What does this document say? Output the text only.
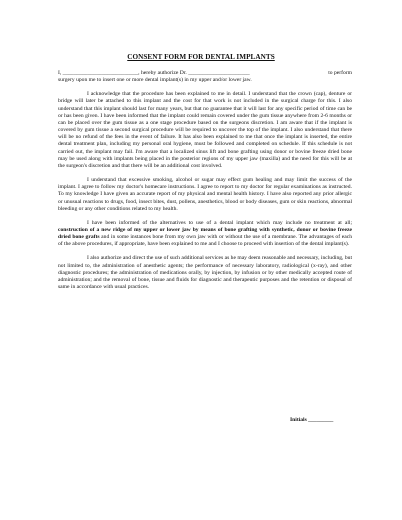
CONSENT FORM FOR DENTAL IMPLANTS
I, ___________________________, hereby authorize Dr. ______________________	to perform
surgery upon me to insert one or more dental implant(s) in my upper and/or lower jaw.

I acknowledge that the procedure has been explained to me in detail. I understand that the crown (cap), denture or bridge will later be attached to this implant and the cost for that work is not included in the surgical charge for this. I also understand that this implant should last for many years, but that no guarantee that it will last for any specific period of time can be or has been given. I have been informed that the implant could remain covered under the gum tissue anywhere from 2-6 months or can be placed over the gum tissue as a one stage procedure based on the surgeons discretion. I am aware that if the implant is covered by gum tissue a second surgical procedure will be required to uncover the top of the implant. I also understand that there will be no refund of the fees in the event of failure. It has also been explained to me that once the implant is inserted, the entire dental treatment plan, including my personal oral hygiene, must be followed and completed on schedule. If this schedule is not carried out, the implant may fail. I'm aware that a localized sinus lift and bone grafting using donor or bovine freeze dried bone may be used along with implants being placed in the posterior regions of my upper jaw (maxilla) and the need for this will be at the surgeon's discretion and that there will be an additional cost involved.

I understand that excessive smoking, alcohol or sugar may effect gum healing and may limit the success of the implant. I agree to follow my doctor's homecare instructions. I agree to report to my doctor for regular examinations as instructed. To my knowledge I have given an accurate report of my physical and mental health history. I have also reported any prior allergic or unusual reactions to drugs, food, insect bites, dust, pollens, anesthetics, blood or body diseases, gum or skin reactions, abnormal bleeding or any other conditions related to my health.

I have been informed of the alternatives to use of a dental implant which may include no treatment at all; construction of a new ridge of my upper or lower jaw by means of bone grafting with synthetic, donor or bovine freeze dried bone grafts and in some instances bone from my own jaw with or without the use of a membrane. The advantages of each of the above procedures, if appropriate, have been explained to me and I choose to proceed with insertion of the dental implant(s).

I also authorize and direct the use of such additional services as he may deem reasonable and necessary, including, but not limited to, the administration of anesthetic agents; the performance of necessary laboratory, radiological (x-ray), and other diagnostic procedures; the administration of medications orally, by injection, by infusion or by other medically accepted route of administration; and the removal of bone, tissue and fluids for diagnostic and therapeutic purposes and the retention or disposal of same in accordance with usual practices.

Initials _________
